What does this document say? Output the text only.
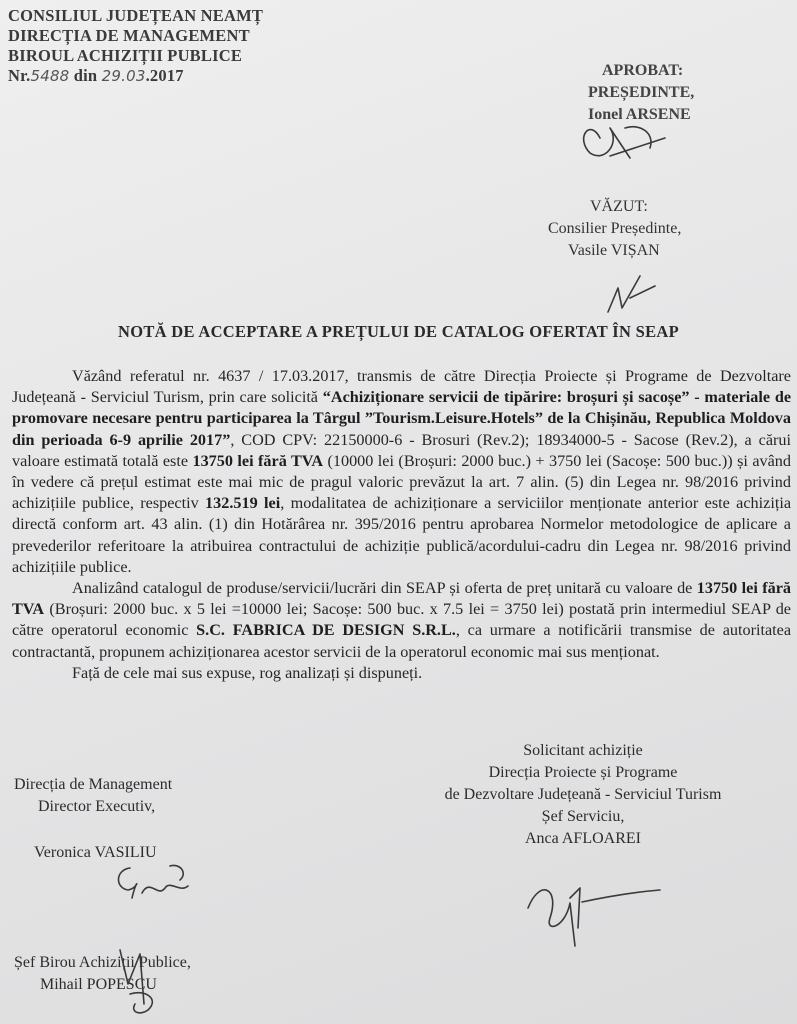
CONSILIUL JUDEȚEAN NEAMȚ
DIRECȚIA DE MANAGEMENT
BIROUL ACHIZIȚII PUBLICE
Nr.5488 din 29.03.2017	APROBAT:
PREȘEDINTE,
Ionel ARSENE
VĂZUT:
Consilier Președinte,
Vasile VIȘAN
NOTĂ DE ACCEPTARE A PREȚULUI DE CATALOG OFERTAT ÎN SEAP

Văzând referatul nr. 4637 / 17.03.2017, transmis de către Direcția Proiecte și Programe de Dezvoltare Județeană - Serviciul Turism, prin care solicită “Achiziționare servicii de tipărire: broșuri și sacoșe” - materiale de promovare necesare pentru participarea la Târgul ”Tourism.Leisure.Hotels” de la Chișinău, Republica Moldova din perioada 6-9 aprilie 2017”, COD CPV: 22150000-6 - Brosuri (Rev.2); 18934000-5 - Sacose (Rev.2), a cărui valoare estimată totală este 13750 lei fără TVA (10000 lei (Broșuri: 2000 buc.) + 3750 lei (Sacoșe: 500 buc.)) și având în vedere că prețul estimat este mai mic de pragul valoric prevăzut la art. 7 alin. (5) din Legea nr. 98/2016 privind achizițiile publice, respectiv 132.519 lei, modalitatea de achiziționare a serviciilor menționate anterior este achiziția directă conform art. 43 alin. (1) din Hotărârea nr. 395/2016 pentru aprobarea Normelor metodologice de aplicare a prevederilor referitoare la atribuirea contractului de achiziție publică/acordului-cadru din Legea nr. 98/2016 privind achizițiile publice.

Analizând catalogul de produse/servicii/lucrări din SEAP și oferta de preț unitară cu valoare de 13750 lei fără TVA (Broșuri: 2000 buc. x 5 lei =10000 lei; Sacoșe: 500 buc. x 7.5 lei = 3750 lei) postată prin intermediul SEAP de către operatorul economic S.C. FABRICA DE DESIGN S.R.L., ca urmare a notificării transmise de autoritatea contractantă, propunem achiziționarea acestor servicii de la operatorul economic mai sus menționat.

Față de cele mai sus expuse, rog analizați și dispuneți.

Direcția de Management
Director Executiv,
Veronica VASILIU
Solicitant achiziție
Direcția Proiecte și Programe
de Dezvoltare Județeană - Serviciul Turism
Șef Serviciu,
Anca AFLOAREI
Șef Birou Achiziții Publice,
Mihail POPESCU
